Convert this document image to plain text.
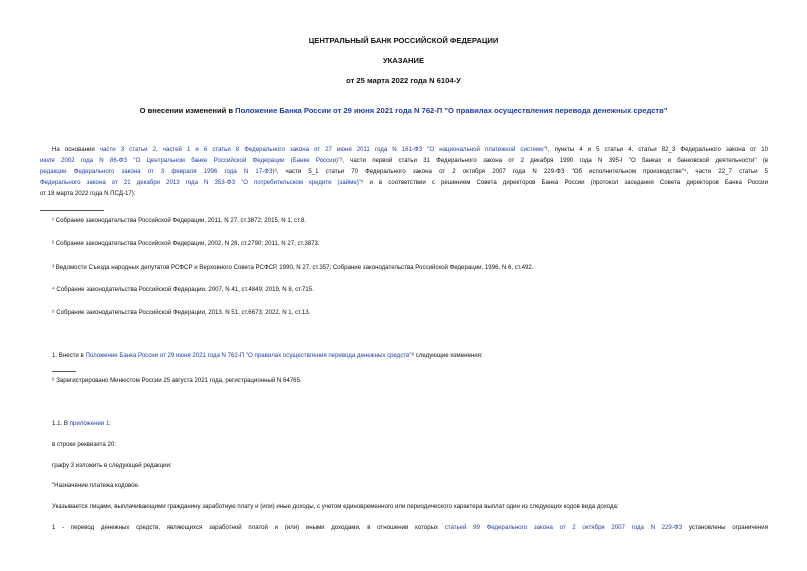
ЦЕНТРАЛЬНЫЙ БАНК РОССИЙСКОЙ ФЕДЕРАЦИИ
УКАЗАНИЕ
от 25 марта 2022 года N 6104-У
О внесении изменений в Положение Банка России от 29 июня 2021 года N 762-П "О правилах осуществления перевода денежных средств"
На основании части 3 статьи 2, частей 1 и 6 статьи 8 Федерального закона от 27 июня 2011 года N 161-ФЗ "О национальной платежной системе"¹, пункты 4 и 5 статьи 4, статьи 82_3 Федерального закона от 10
июля 2002 года N 86-ФЗ "О Центральном банке Российской Федерации (Банке России)"², части первой статьи 31 Федерального закона от 2 декабря 1990 года N 395-I "О банках и банковской деятельности" (в
редакции Федерального закона от 3 февраля 1996 года N 17-ФЗ)³, части 5_1 статьи 70 Федерального закона от 2 октября 2007 года N 229-ФЗ "Об исполнительном производстве"⁴, части 22_7 статьи 5
Федерального закона от 21 декабря 2013 года N 353-ФЗ "О потребительском кредите (займе)"⁵ и в соответствии с решением Совета директоров Банка России (протокол заседания Совета директоров Банка России
от 18 марта 2022 года N ПСД-17):
¹ Собрание законодательства Российской Федерации, 2011, N 27, ст.3872; 2015, N 1, ст.8.
² Собрание законодательства Российской Федерации, 2002, N 28, ст.2790; 2011, N 27, ст.3873.
³ Ведомости Съезда народных депутатов РСФСР и Верховного Совета РСФСР, 1990, N 27, ст.357; Собрание законодательства Российской Федерации, 1996, N 6, ст.492.
⁴ Собрание законодательства Российской Федерации, 2007, N 41, ст.4849; 2019, N 8, ст.715.
⁵ Собрание законодательства Российской Федерации, 2013, N 51, ст.6673; 2022, N 1, ст.13.
1. Внести в Положение Банка России от 29 июня 2021 года N 762-П "О правилах осуществления перевода денежных средств"⁶ следующие изменения:
⁶ Зарегистрировано Минюстом России 25 августа 2021 года, регистрационный N 64765.
1.1. В приложении 1:
в строке реквизита 20:
графу 3 изложить в следующей редакции:
"Назначение платежа кодовое.
Указывается лицами, выплачивающими гражданину заработную плату и (или) иные доходы, с учетом единовременного или периодического характера выплат один из следующих кодов вида дохода:
1 - перевод денежных средств, являющихся заработной платой и (или) иными доходами, в отношении которых статьей 99 Федерального закона от 2 октября 2007 года N 229-ФЗ установлены ограничения
